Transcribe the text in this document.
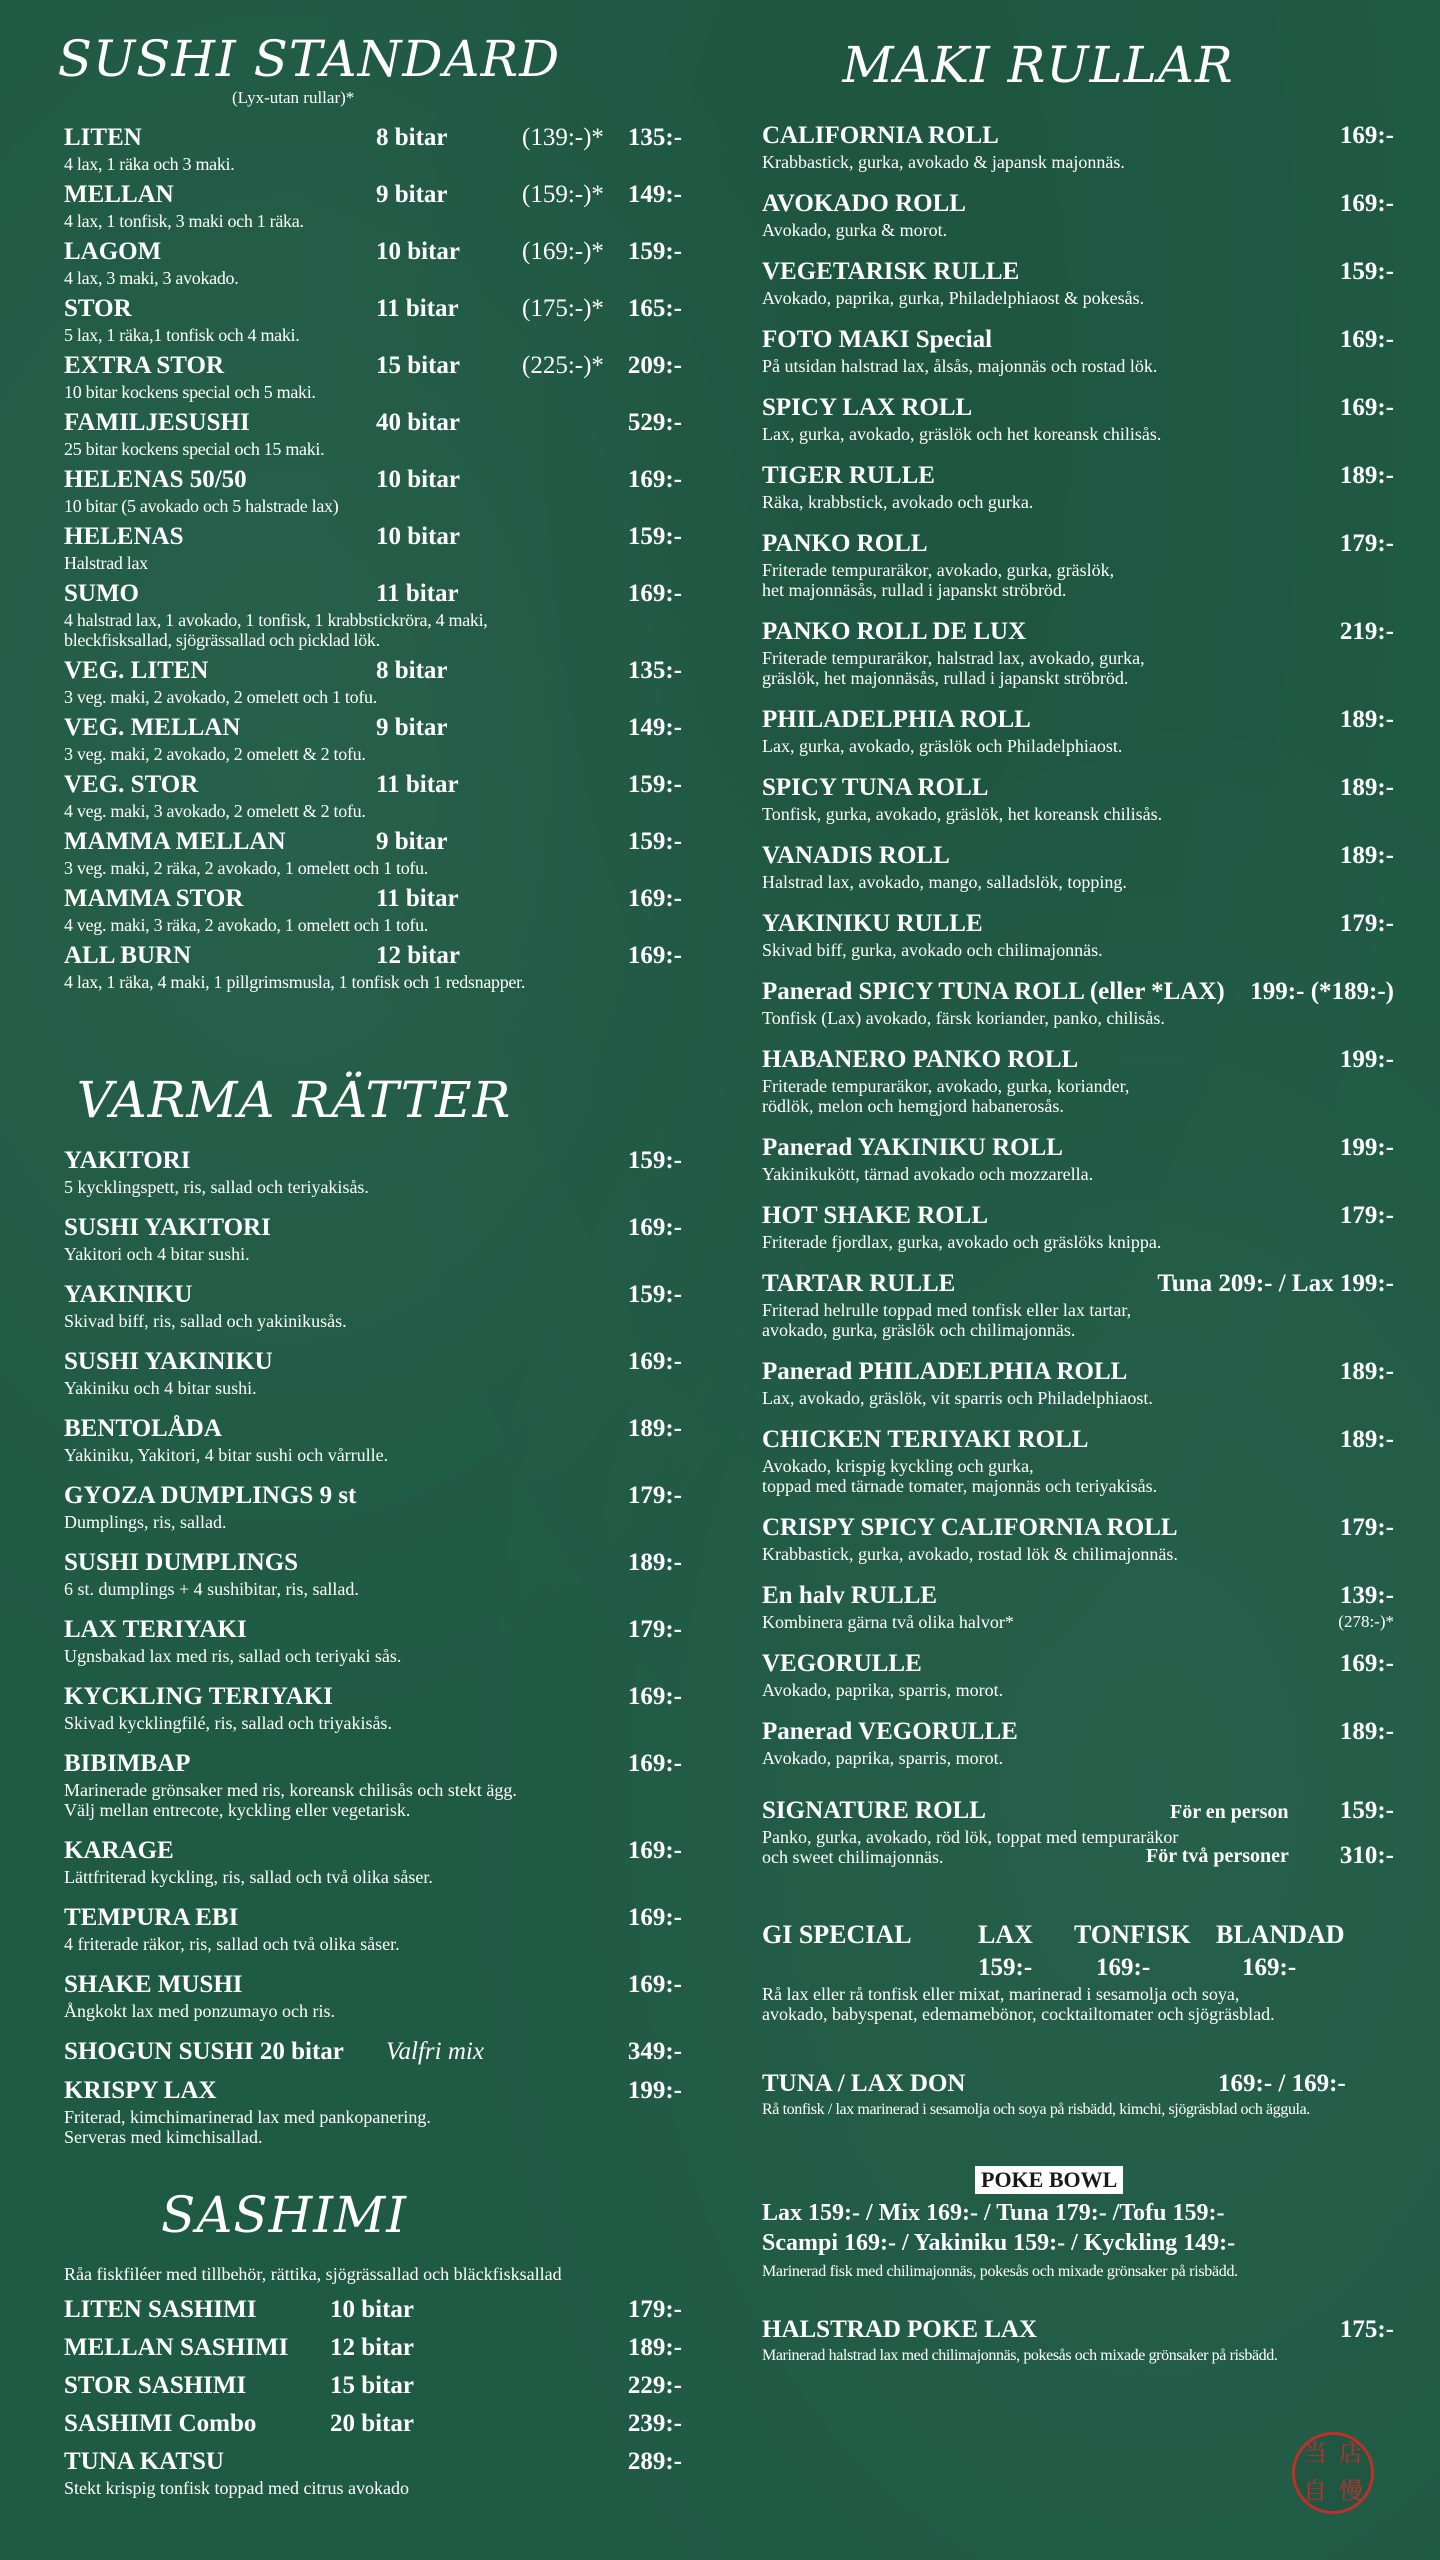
SUSHI STANDARD
(Lyx-utan rullar)*
LITEN	8 bitar	(139:-)* 135:-
4 lax, 1 räka och 3 maki.
MELLAN	9 bitar	(159:-)* 149:-
4 lax, 1 tonfisk, 3 maki och 1 räka.
LAGOM	10 bitar (169:-)* 159:-
4 lax, 3 maki, 3 avokado.
STOR	11 bitar	(175:-)* 165:-
5 lax, 1 räka,1 tonfisk och 4 maki.
EXTRA STOR	15 bitar (225:-)* 209:-
10 bitar kockens special och 5 maki.
FAMILJESUSHI	40 bitar	529:-
25 bitar kockens special och 15 maki.
HELENAS 50/50	10 bitar	169:-
10 bitar (5 avokado och 5 halstrade lax)
HELENAS	10 bitar	159:-
Halstrad lax
SUMO	11 bitar	169:-
4 halstrad lax, 1 avokado, 1 tonfisk, 1 krabbstickröra, 4 maki,
bleckfisksallad, sjögrässallad och picklad lök.
VEG. LITEN	8 bitar	135:-
3 veg. maki, 2 avokado, 2 omelett och 1 tofu.
VEG. MELLAN	9 bitar	149:-
3 veg. maki, 2 avokado, 2 omelett & 2 tofu.
VEG. STOR	11 bitar	159:-
4 veg. maki, 3 avokado, 2 omelett & 2 tofu.
MAMMA MELLAN	9 bitar	159:-
3 veg. maki, 2 räka, 2 avokado, 1 omelett och 1 tofu.
MAMMA STOR	11 bitar	169:-
4 veg. maki, 3 räka, 2 avokado, 1 omelett och 1 tofu.
ALL BURN	12 bitar	169:-
4 lax, 1 räka, 4 maki, 1 pillgrimsmusla, 1 tonfisk och 1 redsnapper.
VARMA RÄTTER
YAKITORI	159:-
5 kycklingspett, ris, sallad och teriyakisås.
SUSHI YAKITORI	169:-
Yakitori och 4 bitar sushi.
YAKINIKU	159:-
Skivad biff, ris, sallad och yakinikusås.
SUSHI YAKINIKU	169:-
Yakiniku och 4 bitar sushi.
BENTOLÅDA	189:-
Yakiniku, Yakitori, 4 bitar sushi och vårrulle.
GYOZA DUMPLINGS 9 st	179:-
Dumplings, ris, sallad.
SUSHI DUMPLINGS	189:-
6 st. dumplings + 4 sushibitar, ris, sallad.
LAX TERIYAKI	179:-
Ugnsbakad lax med ris, sallad och teriyaki sås.
KYCKLING TERIYAKI	169:-
Skivad kycklingfilé, ris, sallad och triyakisås.
BIBIMBAP	169:-
Marinerade grönsaker med ris, koreansk chilisås och stekt ägg.
Välj mellan entrecote, kyckling eller vegetarisk.
KARAGE	169:-
Lättfriterad kyckling, ris, sallad och två olika såser.
TEMPURA EBI	169:-
4 friterade räkor, ris, sallad och två olika såser.
SHAKE MUSHI	169:-
Ångkokt lax med ponzumayo och ris.
SHOGUN SUSHI 20 bitar Valfri mix	349:-
KRISPY LAX	199:-
Friterad, kimchimarinerad lax med pankopanering.
Serveras med kimchisallad.
SASHIMI
Råa fiskfiléer med tillbehör, rättika, sjögrässallad och bläckfisksallad
LITEN SASHIMI	10 bitar	179:-
MELLAN SASHIMI 12 bitar	189:-
STOR SASHIMI	15 bitar	229:-
SASHIMI Combo	20 bitar	239:-
TUNA KATSU	289:-
Stekt krispig tonfisk toppad med citrus avokado
MAKI RULLAR
CALIFORNIA ROLL	169:-
Krabbastick, gurka, avokado & japansk majonnäs.
AVOKADO ROLL	169:-
Avokado, gurka & morot.
VEGETARISK RULLE	159:-
Avokado, paprika, gurka, Philadelphiaost & pokesås.
FOTO MAKI Special	169:-
På utsidan halstrad lax, ålsås, majonnäs och rostad lök.
SPICY LAX ROLL	169:-
Lax, gurka, avokado, gräslök och het koreansk chilisås.
TIGER RULLE	189:-
Räka, krabbstick, avokado och gurka.
PANKO ROLL	179:-
Friterade tempuraräkor, avokado, gurka, gräslök,
het majonnäsås, rullad i japanskt ströbröd.
PANKO ROLL DE LUX	219:-
Friterade tempuraräkor, halstrad lax, avokado, gurka,
gräslök, het majonnäsås, rullad i japanskt ströbröd.
PHILADELPHIA ROLL	189:-
Lax, gurka, avokado, gräslök och Philadelphiaost.
SPICY TUNA ROLL	189:-
Tonfisk, gurka, avokado, gräslök, het koreansk chilisås.
VANADIS ROLL	189:-
Halstrad lax, avokado, mango, salladslök, topping.
YAKINIKU RULLE	179:-
Skivad biff, gurka, avokado och chilimajonnäs.
Panerad SPICY TUNA ROLL (eller *LAX) 199:- (*189:-)
Tonfisk (Lax) avokado, färsk koriander, panko, chilisås.
HABANERO PANKO ROLL	199:-
Friterade tempuraräkor, avokado, gurka, koriander,
rödlök, melon och hemgjord habanerosås.
Panerad YAKINIKU ROLL	199:-
Yakinikukött, tärnad avokado och mozzarella.
HOT SHAKE ROLL	179:-
Friterade fjordlax, gurka, avokado och gräslöks knippa.
TARTAR RULLE	Tuna 209:- / Lax 199:-
Friterad helrulle toppad med tonfisk eller lax tartar,
avokado, gurka, gräslök och chilimajonnäs.
Panerad PHILADELPHIA ROLL	189:-
Lax, avokado, gräslök, vit sparris och Philadelphiaost.
CHICKEN TERIYAKI ROLL	189:-
Avokado, krispig kyckling och gurka,
toppad med tärnade tomater, majonnäs och teriyakisås.
CRISPY SPICY CALIFORNIA ROLL	179:-
Krabbastick, gurka, avokado, rostad lök & chilimajonnäs.
En halv RULLE	139:-
Kombinera gärna två olika halvor*	(278:-)*
VEGORULLE	169:-
Avokado, paprika, sparris, morot.
Panerad VEGORULLE	189:-
Avokado, paprika, sparris, morot.
SIGNATURE ROLL	För en person 159:-
Panko, gurka, avokado, röd lök, toppat med tempuraräkor
och sweet chilimajonnäs.	För två personer 310:-
GI SPECIAL	LAX TONFISK BLANDAD
159:-	169:-	169:-
Rå lax eller rå tonfisk eller mixat, marinerad i sesamolja och soya,
avokado, babyspenat, edemamebönor, cocktailtomater och sjögräsblad.
TUNA / LAX DON	169:- / 169:-
Rå tonfisk / lax marinerad i sesamolja och soya på risbädd, kimchi, sjögräsblad och äggula.
POKE BOWL
Lax 159:- / Mix 169:- / Tuna 179:- /Tofu 159:-
Scampi 169:- / Yakiniku 159:- / Kyckling 149:-
Marinerad fisk med chilimajonnäs, pokesås och mixade grönsaker på risbädd.
HALSTRAD POKE LAX	175:-
Marinerad halstrad lax med chilimajonnäs, pokesås och mixade grönsaker på risbädd.
当 店
自 慢
